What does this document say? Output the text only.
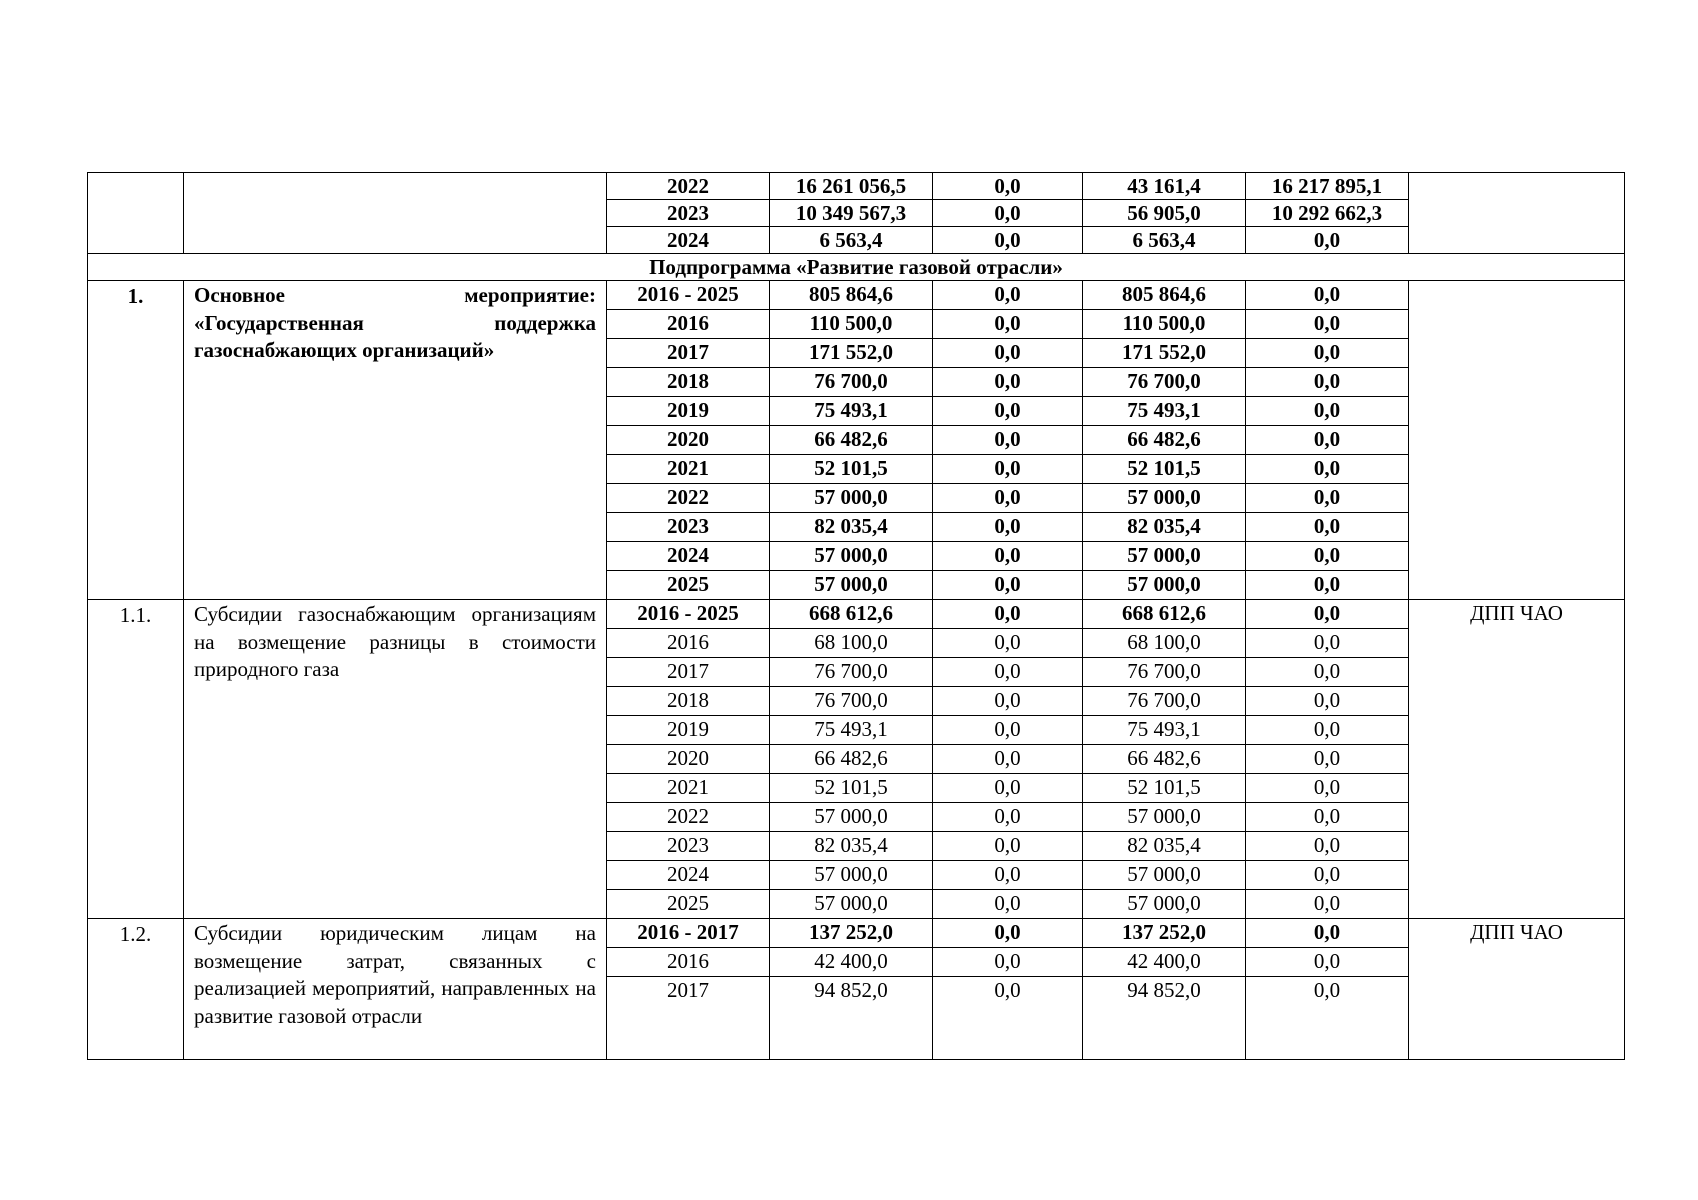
		2022	16 261 056,5	0,0	43 161,4	16 217 895,1	
		2023	10 349 567,3	0,0	56 905,0	10 292 662,3	
		2024	6 563,4	0,0	6 563,4	0,0	
Подпрограмма «Развитие газовой отрасли»							
1.	Основное мероприятие: «Государственная поддержка газоснабжающих организаций»	2016 - 2025	805 864,6	0,0	805 864,6	0,0	
		2016	110 500,0	0,0	110 500,0	0,0	
		2017	171 552,0	0,0	171 552,0	0,0	
		2018	76 700,0	0,0	76 700,0	0,0	
		2019	75 493,1	0,0	75 493,1	0,0	
		2020	66 482,6	0,0	66 482,6	0,0	
		2021	52 101,5	0,0	52 101,5	0,0	
		2022	57 000,0	0,0	57 000,0	0,0	
		2023	82 035,4	0,0	82 035,4	0,0	
		2024	57 000,0	0,0	57 000,0	0,0	
		2025	57 000,0	0,0	57 000,0	0,0	
1.1.	Субсидии газоснабжающим организациям на возмещение разницы в стоимости природного газа	2016 - 2025	668 612,6	0,0	668 612,6	0,0	ДПП ЧАО
		2016	68 100,0	0,0	68 100,0	0,0	
		2017	76 700,0	0,0	76 700,0	0,0	
		2018	76 700,0	0,0	76 700,0	0,0	
		2019	75 493,1	0,0	75 493,1	0,0	
		2020	66 482,6	0,0	66 482,6	0,0	
		2021	52 101,5	0,0	52 101,5	0,0	
		2022	57 000,0	0,0	57 000,0	0,0	
		2023	82 035,4	0,0	82 035,4	0,0	
		2024	57 000,0	0,0	57 000,0	0,0	
		2025	57 000,0	0,0	57 000,0	0,0	
1.2.	Субсидии юридическим лицам на возмещение затрат, связанных с реализацией мероприятий, направленных на развитие газовой отрасли	2016 - 2017	137 252,0	0,0	137 252,0	0,0	ДПП ЧАО
		2016	42 400,0	0,0	42 400,0	0,0	
		2017	94 852,0	0,0	94 852,0	0,0	
